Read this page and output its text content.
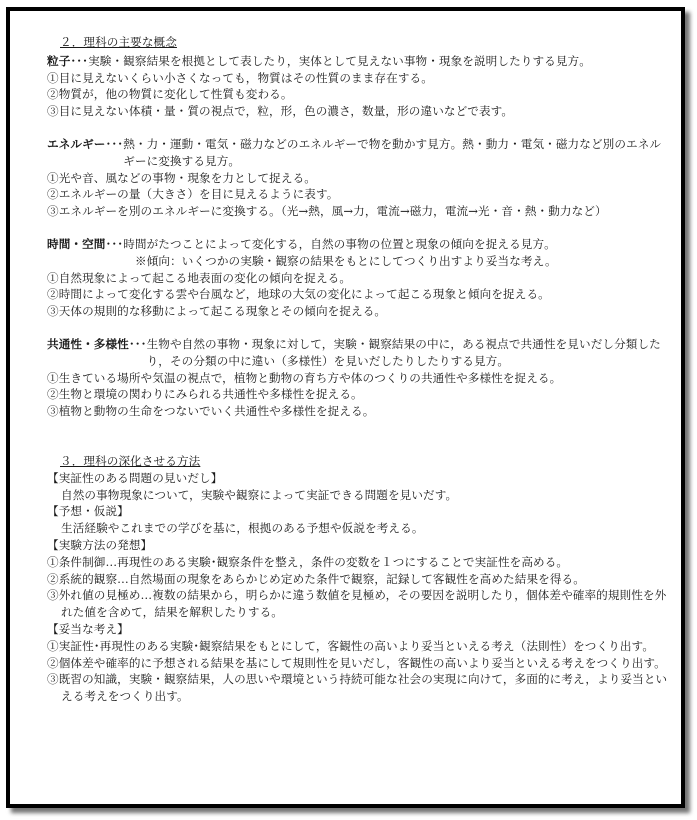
２．理科の主要な概念

粒子 ･･･ 実験・観察結果を根拠として表したり，実体として見えない事物・現象を説明したりする見方。
①目に見えないくらい小さくなっても，物質はその性質のまま存在する。
②物質が，他の物質に変化して性質も変わる。
③目に見えない体積・量・質の視点で，粒，形，色の濃さ，数量，形の違いなどで表す。
エネルギー ･･･ 熱・力・運動・電気・磁力などのエネルギーで物を動かす見方。熱・動力・電気・磁力など別のエネルギーに変換する見方。
①光や音、風などの事物・現象を力として捉える。
②エネルギーの量（大きさ）を目に見えるように表す。
③エネルギーを別のエネルギーに変換する。（光→熱，風→力，電流→磁力，電流→光・音・熱・動力など）
時間・空間 ･･･ 時間がたつことによって変化する，自然の事物の位置と現象の傾向を捉える見方。
※傾向：いくつかの実験・観察の結果をもとにしてつくり出すより妥当な考え。
①自然現象によって起こる地表面の変化の傾向を捉える。
②時間によって変化する雲や台風など，地球の大気の変化によって起こる現象と傾向を捉える。
③天体の規則的な移動によって起こる現象とその傾向を捉える。
共通性・多様性 ･･･ 生物や自然の事物・現象に対して，実験・観察結果の中に，ある視点で共通性を見いだし分類したり，その分類の中に違い（多様性）を見いだしたりしたりする見方。
①生きている場所や気温の視点で，植物と動物の育ち方や体のつくりの共通性や多様性を捉える。
②生物と環境の関わりにみられる共通性や多様性を捉える。
③植物と動物の生命をつないでいく共通性や多様性を捉える。

３．理科の深化させる方法

【実証性のある問題の見いだし】
自然の事物現象について，実験や観察によって実証できる問題を見いだす。
【予想・仮説】
生活経験やこれまでの学びを基に，根拠のある予想や仮説を考える。
【実験方法の発想】
①条件制御…再現性のある実験･観察条件を整え，条件の変数を１つにすることで実証性を高める。
②系統的観察…自然場面の現象をあらかじめ定めた条件で観察，記録して客観性を高めた結果を得る。
③外れ値の見極め…複数の結果から，明らかに違う数値を見極め，その要因を説明したり，個体差や確率的規則性を外れた値を含めて，結果を解釈したりする。
【妥当な考え】
①実証性･再現性のある実験･観察結果をもとにして，客観性の高いより妥当といえる考え（法則性）をつくり出す。
②個体差や確率的に予想される結果を基にして規則性を見いだし，客観性の高いより妥当といえる考えをつくり出す。
③既習の知識，実験・観察結果，人の思いや環境という持続可能な社会の実現に向けて，多面的に考え，より妥当といえる考えをつくり出す。
